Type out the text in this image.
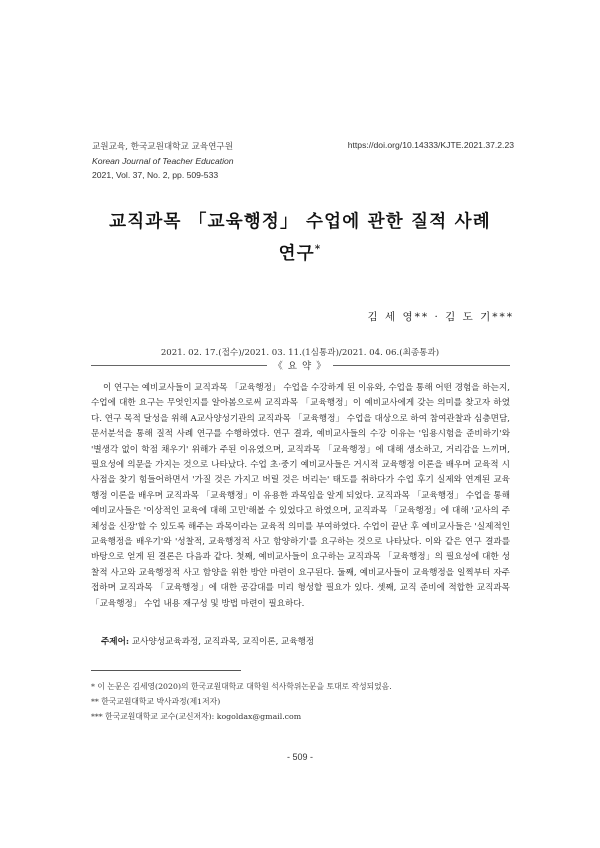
교원교육, 한국교원대학교 교육연구원
Korean Journal of Teacher Education
2021, Vol. 37, No. 2, pp. 509-533
https://doi.org/10.14333/KJTE.2021.37.2.23
교직과목 「교육행정」 수업에 관한 질적 사례
연구*
김 세 영** · 김 도 기***
2021. 02. 17.(접수)/2021. 03. 11.(1심통과)/2021. 04. 06.(최종통과)
《 요 약 》

이 연구는 예비교사들이 교직과목 「교육행정」 수업을 수강하게 된 이유와, 수업을 통해 어떤 경험을 하는지, 수업에 대한 요구는 무엇인지를 알아봄으로써 교직과목 「교육행정」이 예비교사에게 갖는 의미를 찾고자 하였다. 연구 목적 달성을 위해 A교사양성기관의 교직과목 「교육행정」 수업을 대상으로 하여 참여관찰과 심층면담, 문서분석을 통해 질적 사례 연구를 수행하였다. 연구 결과, 예비교사들의 수강 이유는 '임용시험을 준비하기'와 '별생각 없이 학점 채우기' 위해가 주된 이유였으며, 교직과목 「교육행정」에 대해 생소하고, 거리감을 느끼며, 필요성에 의문을 가지는 것으로 나타났다. 수업 초·중기 예비교사들은 거시적 교육행정 이론을 배우며 교육적 시사점을 찾기 힘들어하면서 '가질 것은 가지고 버릴 것은 버리는' 태도를 취하다가 수업 후기 실제와 연계된 교육행정 이론을 배우며 교직과목 「교육행정」이 유용한 과목임을 알게 되었다. 교직과목 「교육행정」 수업을 통해 예비교사들은 '이상적인 교육에 대해 고민'해볼 수 있었다고 하였으며, 교직과목 「교육행정」에 대해 '교사의 주체성을 신장'할 수 있도록 해주는 과목이라는 교육적 의미를 부여하였다. 수업이 끝난 후 예비교사들은 '실제적인 교육행정을 배우기'와 '성찰적, 교육행정적 사고 함양하기'를 요구하는 것으로 나타났다. 이와 같은 연구 결과를 바탕으로 얻게 된 결론은 다음과 같다. 첫째, 예비교사들이 요구하는 교직과목 「교육행정」의 필요성에 대한 성찰적 사고와 교육행정적 사고 함양을 위한 방안 마련이 요구된다. 둘째, 예비교사들이 교육행정을 일찍부터 자주 접하며 교직과목 「교육행정」에 대한 공감대를 미리 형성할 필요가 있다. 셋째, 교직 준비에 적합한 교직과목 「교육행정」 수업 내용 재구성 및 방법 마련이 필요하다.

주제어: 교사양성교육과정, 교직과목, 교직이론, 교육행정
* 이 논문은 김세영(2020)의 한국교원대학교 대학원 석사학위논문을 토대로 작성되었음.
** 한국교원대학교 박사과정(제1저자)
*** 한국교원대학교 교수(교신저자): kogoldax@gmail.com
- 509 -
